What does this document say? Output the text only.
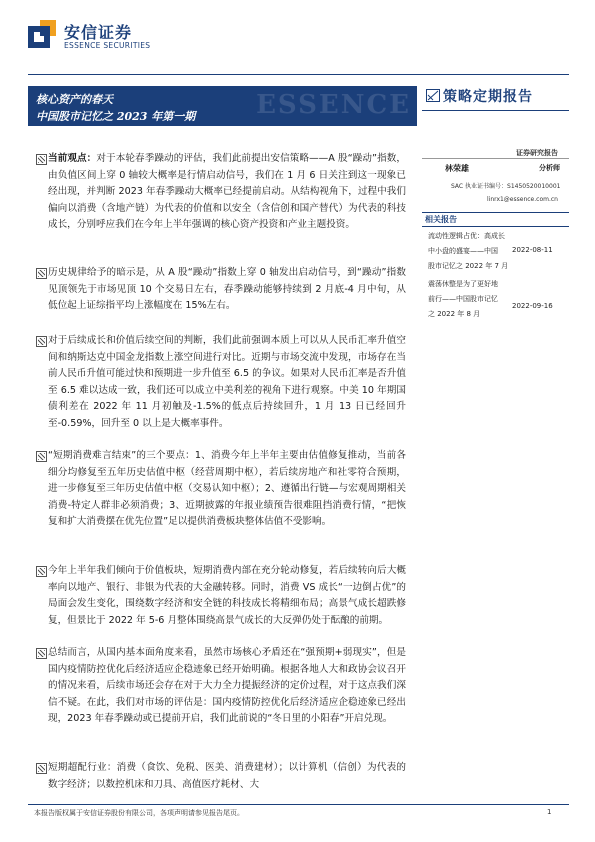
安信证券
ESSENCE SECURITIES
ESSENCE
核心资产的春天
中国股市记忆之 2023 年第一期
策略定期报告
证券研究报告
林荣雄	分析师
SAC 执业证书编号：S1450520010001
linrx1@essence.com.cn
相关报告
流动性逻辑占优：高成长
中小盘的盛宴——中国
股市记忆之 2022 年 7 月
2022-08-11
震荡休整是为了更好地
前行——中国股市记忆
之 2022 年 8 月
2022-09-16
当前观点：对于本轮春季躁动的评估，我们此前提出安信策略——A 股“躁动”指数，由负值区间上穿 0 轴较大概率是行情启动信号，我们在 1 月 6 日关注到这一现象已经出现，并判断 2023 年春季躁动大概率已经提前启动。从结构视角下，过程中我们偏向以消费（含地产链）为代表的价值和以安全（含信创和国产替代）为代表的科技成长，分别呼应我们在今年上半年强调的核心资产投资和产业主题投资。
历史规律给予的暗示是，从 A 股“躁动”指数上穿 0 轴发出启动信号，到“躁动”指数见顶领先于市场见顶 10 个交易日左右，春季躁动能够持续到 2 月底-4 月中旬，从低位起上证综指平均上涨幅度在 15%左右。
对于后续成长和价值后续空间的判断，我们此前强调本质上可以从人民币汇率升值空间和纳斯达克中国金龙指数上涨空间进行对比。近期与市场交流中发现，市场存在当前人民币升值可能过快和预期进一步升值至 6.5 的争议。如果对人民币汇率是否升值至 6.5 难以达成一致，我们还可以成立中美利差的视角下进行观察。中美 10 年期国债利差在 2022 年 11 月初触及-1.5%的低点后持续回升，1 月 13 日已经回升至-0.59%，回升至 0 以上是大概率事件。
“短期消费难言结束”的三个要点：1、消费今年上半年主要由估值修复推动，当前各细分均修复至五年历史估值中枢（经营周期中枢），若后续房地产和社零符合预期，进一步修复至三年历史估值中枢（交易认知中枢）；2、遵循出行链—与宏观周期相关消费-特定人群非必须消费；3、近期披露的年报业绩预告很难阻挡消费行情，“把恢复和扩大消费摆在优先位置”足以提供消费板块整体估值不受影响。
今年上半年我们倾向于价值板块，短期消费内部在充分轮动修复，若后续转向后大概率向以地产、银行、非银为代表的大金融转移。同时，消费 VS 成长“一边倒占优”的局面会发生变化，围绕数字经济和安全链的科技成长将精细布局；高景气成长超跌修复，但景比于 2022 年 5-6 月整体围绕高景气成长的大反弹仍处于酝酿的前期。
总结而言，从国内基本面角度来看，虽然市场核心矛盾还在“强预期+弱现实”，但是国内疫情防控优化后经济适应企稳迹象已经开始明确。根据各地人大和政协会议召开的情况来看，后续市场还会存在对于大力全力提振经济的定价过程，对于这点我们深信不疑。在此，我们对市场的评估是：国内疫情防控优化后经济适应企稳迹象已经出现，2023 年春季躁动或已提前开启，我们此前说的“冬日里的小阳春”开启兑现。
短期超配行业：消费（食饮、免税、医美、消费建材）；以计算机（信创）为代表的数字经济；以数控机床和刀具、高值医疗耗材、大
本报告版权属于安信证券股份有限公司，各项声明请参见报告尾页。	1
